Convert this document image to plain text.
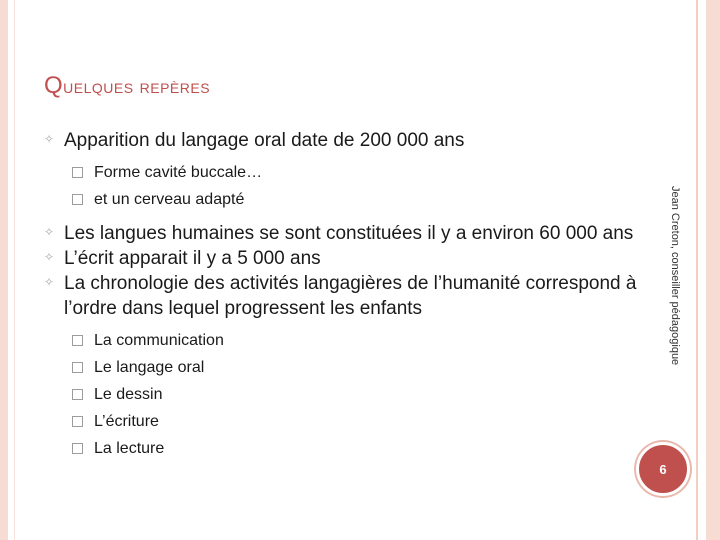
Quelques repères
✧ Apparition du langage oral date de 200 000 ans
Forme cavité buccale…
et un cerveau adapté
✧ Les langues humaines se sont constituées il y a environ 60 000 ans
✧ L’écrit apparait il y a 5 000 ans
✧ La chronologie des activités langagières de l’humanité correspond à l’ordre dans lequel progressent les enfants
La communication
Le langage oral
Le dessin
L’écriture
La lecture
Jean Creton, conseiller pédagogique
6
